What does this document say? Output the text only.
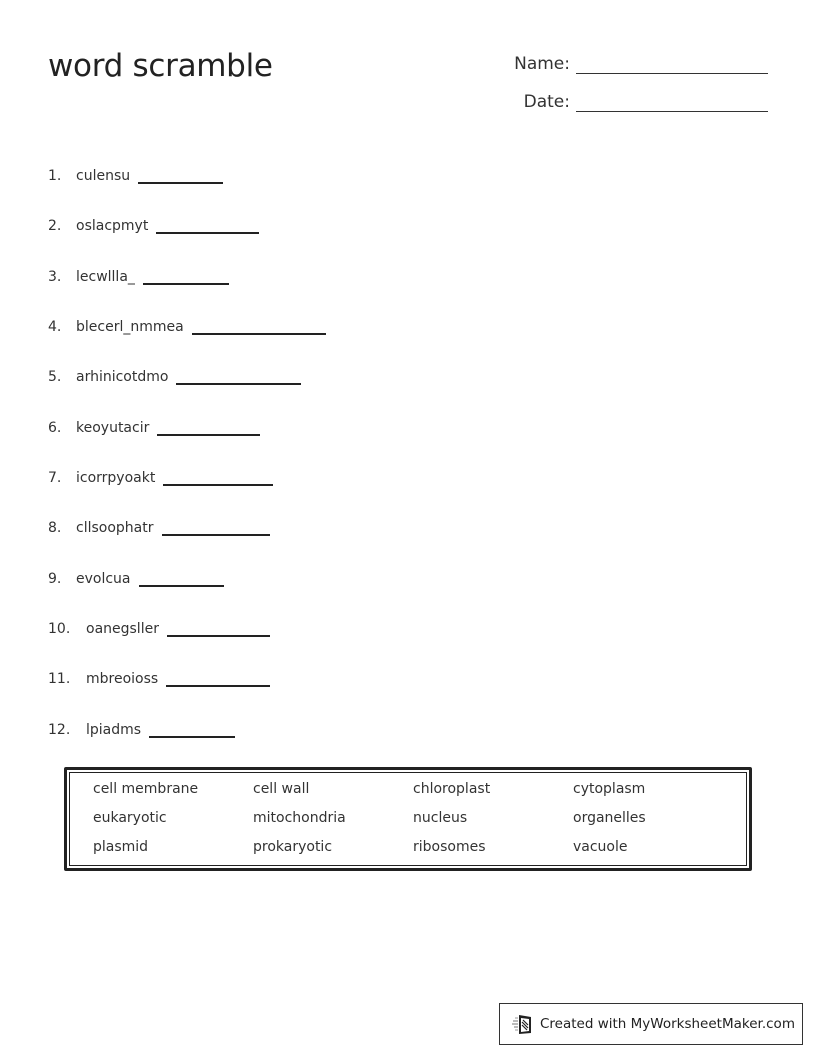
word scramble	Name:
Date:
1.	culensu
2.	oslacpmyt
3.	lecwllla_
4.	blecerl_nmmea
5.	arhinicotdmo
6.	keoyutacir
7.	icorrpyoakt
8.	cllsoophatr
9.	evolcua
10.	oanegsller
11.	mbreoioss
12.	lpiadms
cell membrane	cell wall	chloroplast	cytoplasm
eukaryotic	mitochondria	nucleus	organelles
plasmid	prokaryotic	ribosomes	vacuole
Created with MyWorksheetMaker.com
